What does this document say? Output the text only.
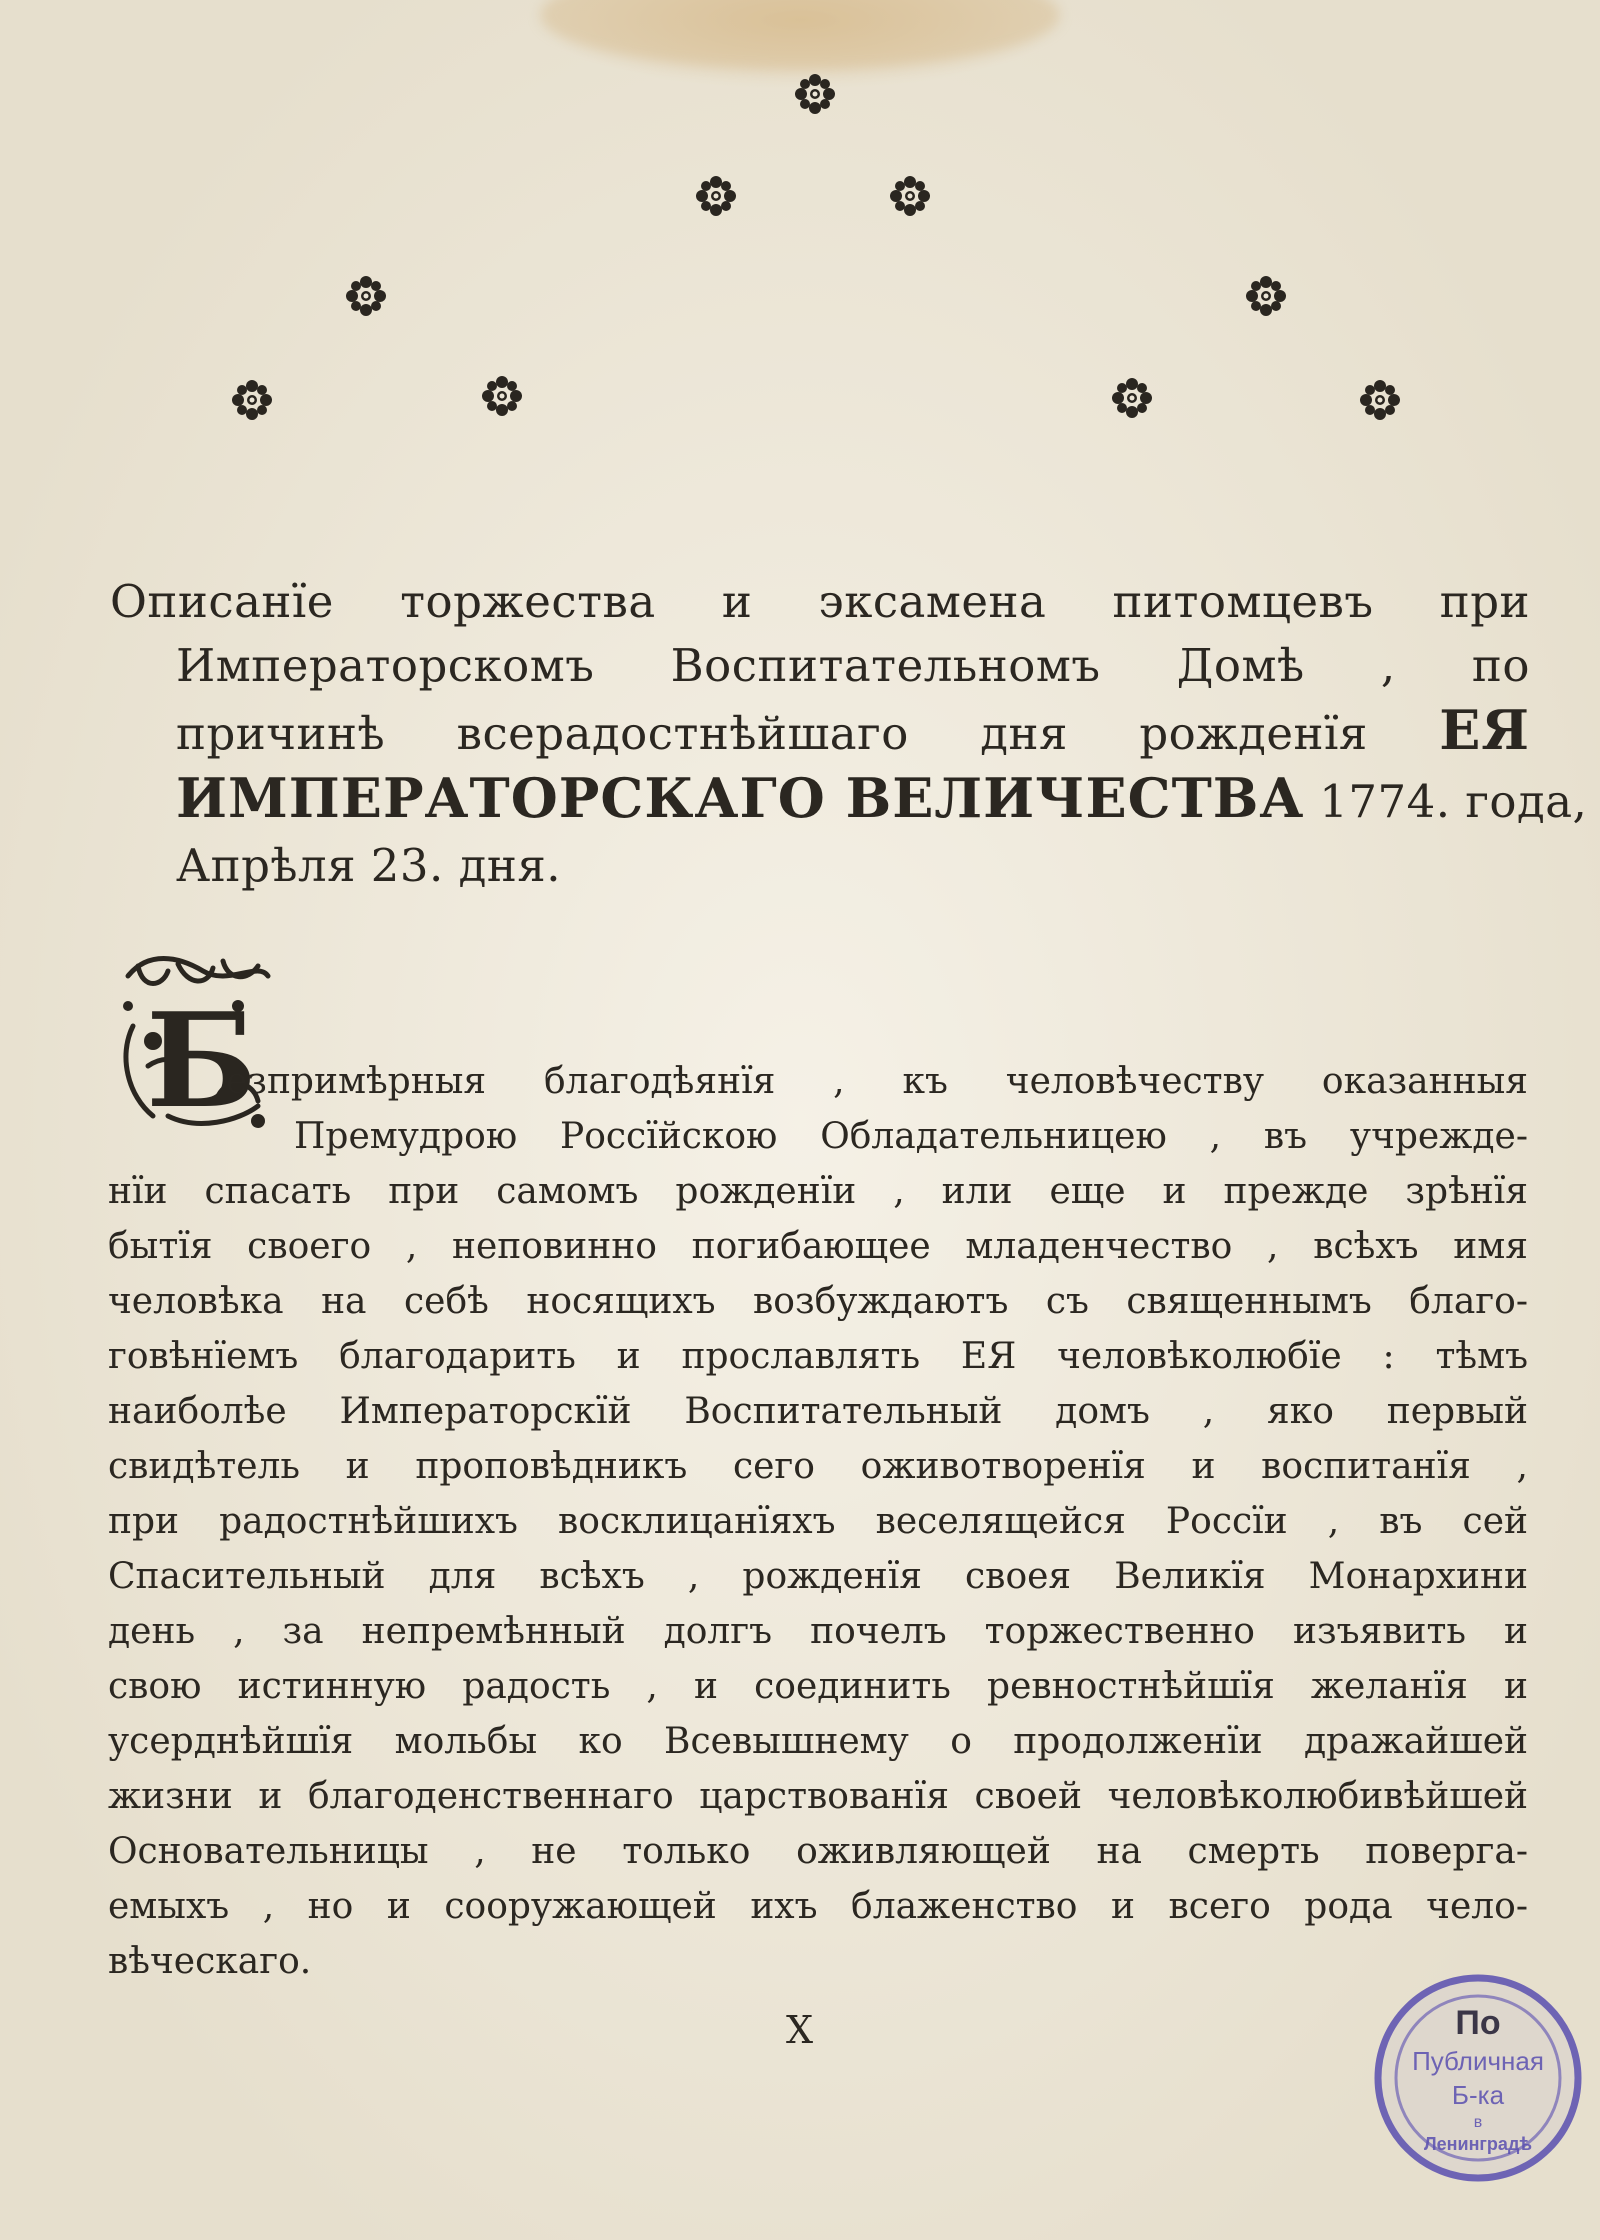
Описанїе торжества и эксамена питомцевъ при
Императорскомъ Воспитательномъ Домѣ , по
причинѣ всерадостнѣйшаго дня рожденїя ЕЯ
ИМПЕРАТОРСКАГО ВЕЛИЧЕСТВА 1774. года,
Апрѣля 23. дня.
Б
езпримѣрныя благодѣянїя , къ человѣчеству оказанныя
Премудрою Россїйскою Обладательницею , въ учрежде-
нїи спасать при самомъ рожденїи , или еще и прежде зрѣнїя
бытїя своего , неповинно погибающее младенчество , всѣхъ имя
человѣка на себѣ носящихъ возбуждаютъ съ священнымъ благо-
говѣнїемъ благодарить и прославлять ЕЯ человѣколюбїе : тѣмъ
наиболѣе Императорскїй Воспитательный домъ , яко первый
свидѣтель и проповѣдникъ сего оживотворенїя и воспитанїя ,
при радостнѣйшихъ восклицанїяхъ веселящейся Россїи , въ сей
Спасительный для всѣхъ , рожденїя своея Великїя Монархини
день , за непремѣнный долгъ почелъ торжественно изъявить и
свою истинную радость , и соединить ревностнѣйшїя желанїя и
усерднѣйшїя мольбы ко Всевышнему о продолженїи дражайшей
жизни и благоденственнаго царствованїя своей человѣколюбивѣйшей
Основательницы , не только оживляющей на смерть поверга-
емыхъ , но и сооружающей ихъ блаженство и всего рода чело-
вѣческаго.
Х	По
Публичная
Б-ка
в
Ленинградѣ
